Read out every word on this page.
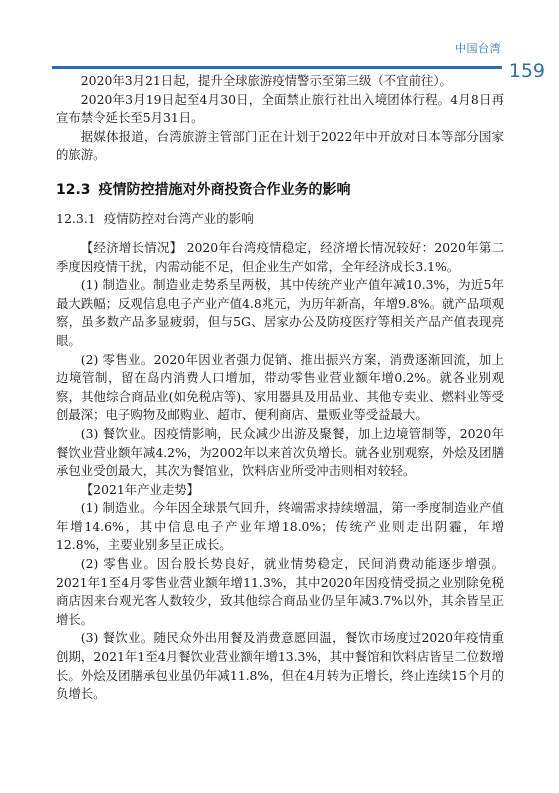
中国台湾
159

2020年3月21日起，提升全球旅游疫情警示至第三级（不宜前往）。

2020年3月19日起至4月30日，全面禁止旅行社出入境团体行程。4月8日再宣布禁令延长至5月31日。

据媒体报道，台湾旅游主管部门正在计划于2022年中开放对日本等部分国家的旅游。

12.3 疫情防控措施对外商投资合作业务的影响
12.3.1 疫情防控对台湾产业的影响

【经济增长情况】 2020年台湾疫情稳定，经济增长情况较好：2020年第二季度因疫情干扰，内需动能不足，但企业生产如常，全年经济成长3.1%。

(1) 制造业。制造业走势系呈两极，其中传统产业产值年减10.3%，为近5年最大跌幅；反观信息电子产业产值4.8兆元，为历年新高，年增9.8%。就产品项观察，虽多数产品多显疲弱，但与5G、居家办公及防疫医疗等相关产品产值表现亮眼。

(2) 零售业。2020年因业者强力促销、推出振兴方案，消费逐渐回流，加上边境管制，留在岛内消费人口增加，带动零售业营业额年增0.2%。就各业别观察，其他综合商品业(如免税店等)、家用器具及用品业、其他专卖业、燃料业等受创最深；电子购物及邮购业、超市、便利商店、量贩业等受益最大。

(3) 餐饮业。因疫情影响，民众减少出游及聚餐，加上边境管制等，2020年餐饮业营业额年减4.2%，为2002年以来首次负增长。就各业别观察，外烩及团膳承包业受创最大，其次为餐馆业，饮料店业所受冲击则相对较轻。

【2021年产业走势】

(1) 制造业。今年因全球景气回升，终端需求持续增温，第一季度制造业产值年增14.6%，其中信息电子产业年增18.0%；传统产业则走出阴霾，年增12.8%，主要业别多呈正成长。

(2) 零售业。因台股长势良好，就业情势稳定，民间消费动能逐步增强。2021年1至4月零售业营业额年增11.3%，其中2020年因疫情受损之业别除免税商店因来台观光客人数较少，致其他综合商品业仍呈年减3.7%以外，其余皆呈正增长。

(3) 餐饮业。随民众外出用餐及消费意愿回温，餐饮市场度过2020年疫情重创期，2021年1至4月餐饮业营业额年增13.3%，其中餐馆和饮料店皆呈二位数增长。外烩及团膳承包业虽仍年减11.8%，但在4月转为正增长，终止连续15个月的负增长。
